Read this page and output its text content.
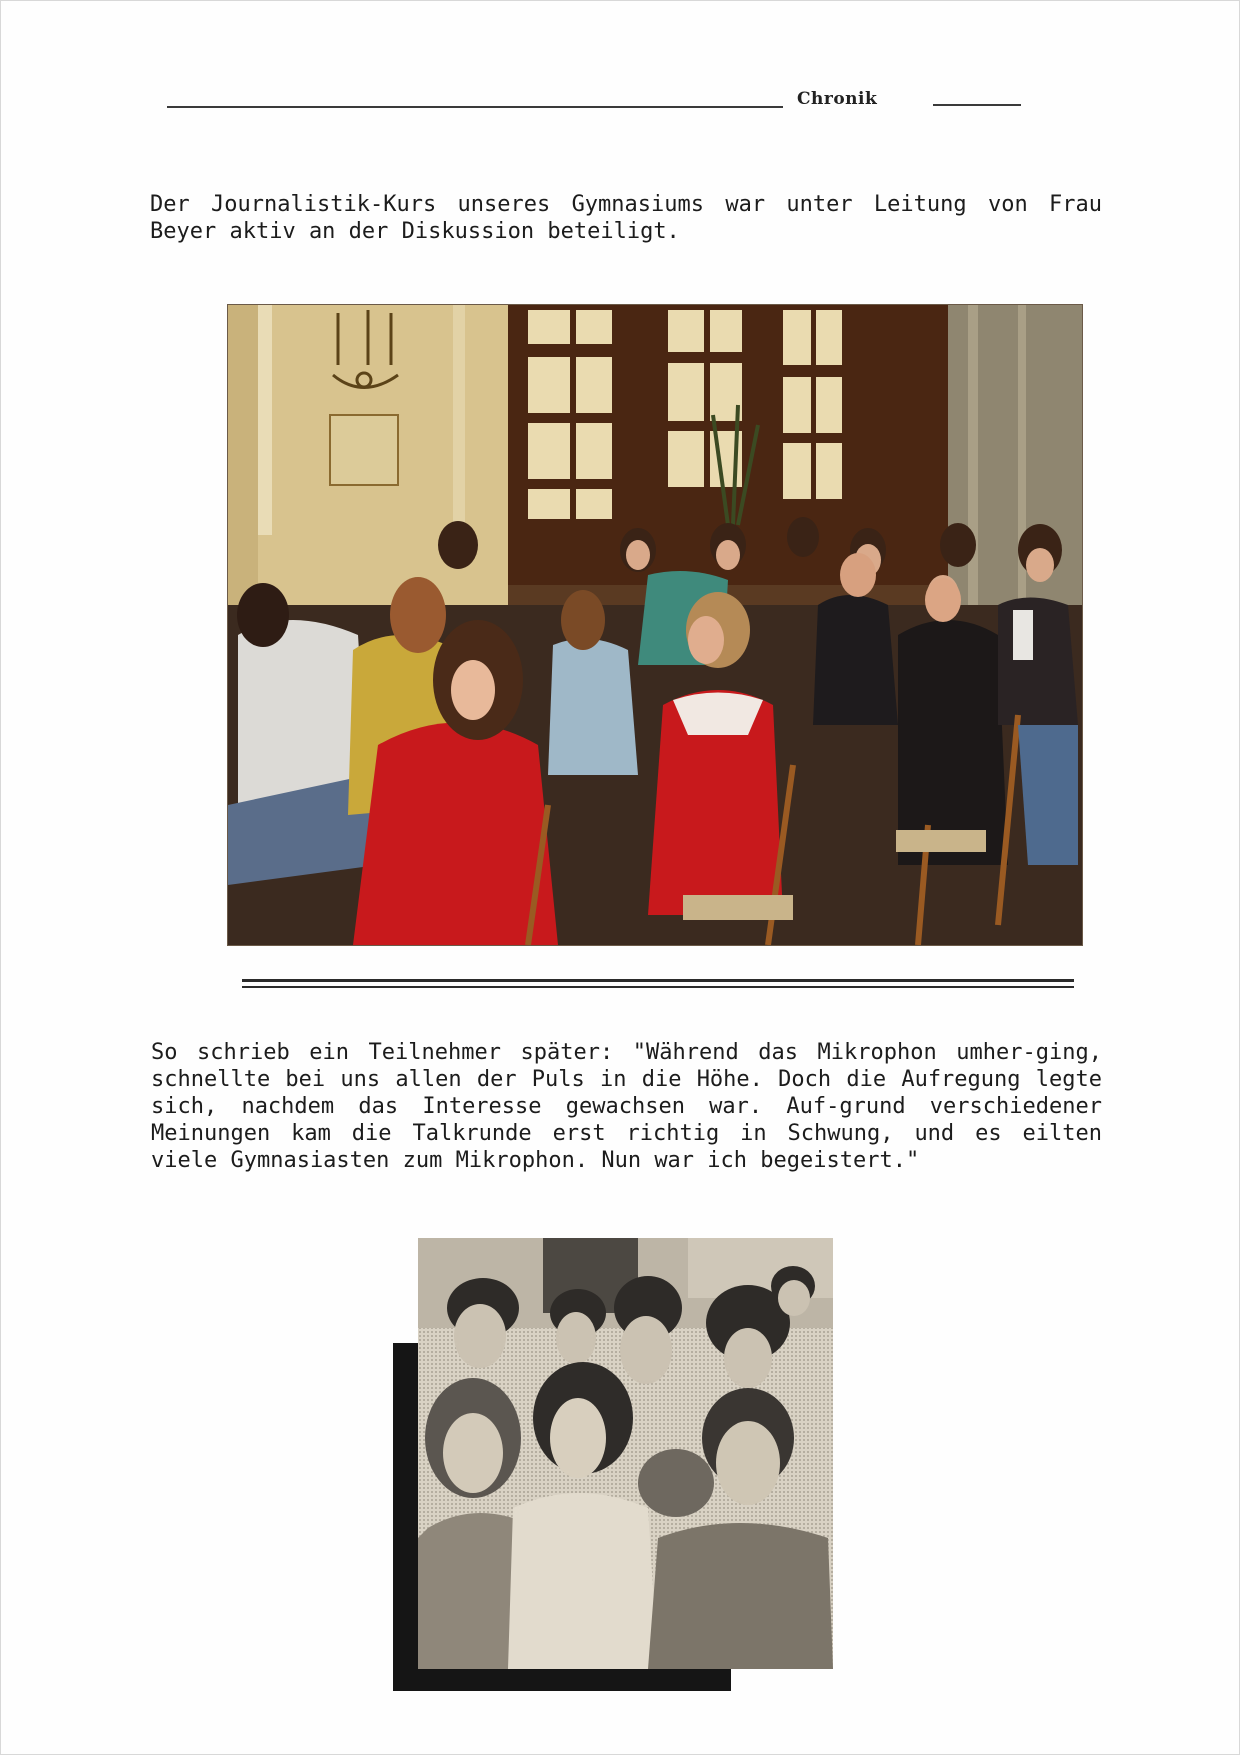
Chronik

Der Journalistik-Kurs unseres Gymnasiums war unter Leitung von Frau Beyer aktiv an der Diskussion beteiligt.

So schrieb ein Teilnehmer später: "Während das Mikrophon umher-ging, schnellte bei uns allen der Puls in die Höhe. Doch die Aufregung legte sich, nachdem das Interesse gewachsen war. Auf-grund verschiedener Meinungen kam die Talkrunde erst richtig in Schwung, und es eilten viele Gymnasiasten zum Mikrophon. Nun war ich begeistert."
